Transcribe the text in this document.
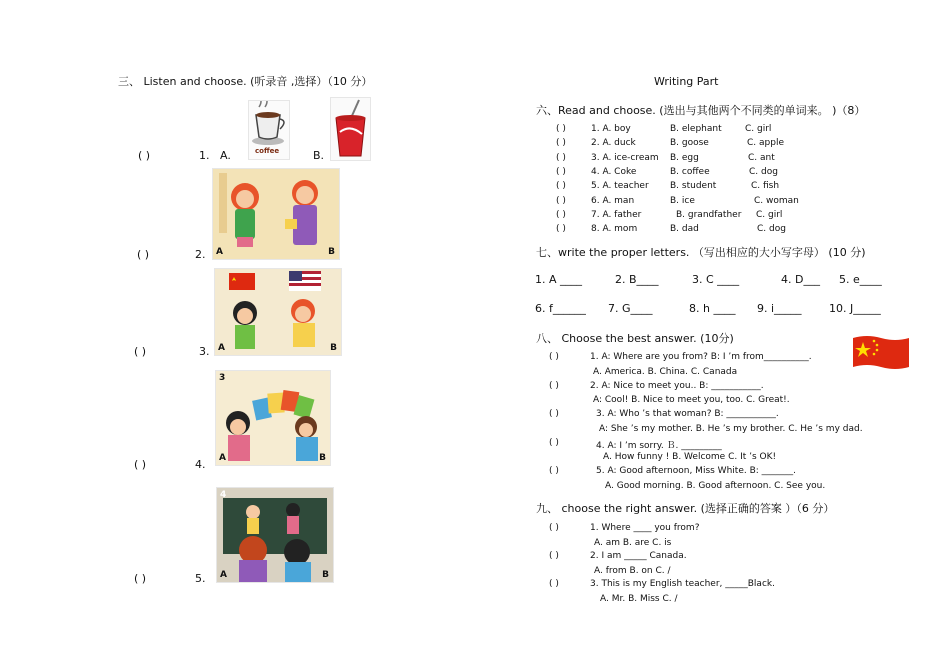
三、 Listen and choose. (听录音 ,选择）（10 分）
coffee
( )	1. A.	B.
A	B
( )	2.
A	B
( )	3.
3
A	B
( )	4.
4
A	B
( )	5.
Writing Part
六、Read and choose. (选出与其他两个不同类的单词来。 )（8）
( )	1. A. boy	B. elephant	C. girl
( )	2. A. duck	B. goose	C. apple
( )	3. A. ice-cream B. egg	C. ant
( )	4. A. Coke	B. coffee	C. dog
( )	5. A. teacher B. student	C. fish
( )	6. A. man	B. ice	C. woman
( )	7. A. father	B. grandfather C. girl
( )	8. A. mom	B. dad	C. dog
七、write the proper letters. （写出相应的大小写字母） (10 分)
1. A ____	2. B____	3. C ____	4. D___ 5. e____
6. f______ 7. G____	8. h ____ 9. i_____ 10. J_____
八、 Choose the best answer. (10分)
( )	1. A: Where are you from? B: I ’m from__________.
A. America. B. China. C. Canada
( )	2. A: Nice to meet you.. B: ___________.
A: Cool! B. Nice to meet you, too. C. Great!.
( )	3. A: Who ’s that woman? B: ___________.
A: She ’s my mother. B. He ’s my brother. C. He ’s my dad.
( )	4. A: I ’m sorry. Ｂ. _________
A. How funny ! B. Welcome C. It ’s OK!
( )	5. A: Good afternoon, Miss White. B: _______.
A. Good morning. B. Good afternoon. C. See you.
九、 choose the right answer. (选择正确的答案 ）（6 分）
( )	1. Where ____ you from?
A. am B. are C. is
( )	2. I am _____ Canada.
A. from B. on C. /
( )	3. This is my English teacher, _____Black.
A. Mr. B. Miss C. /
